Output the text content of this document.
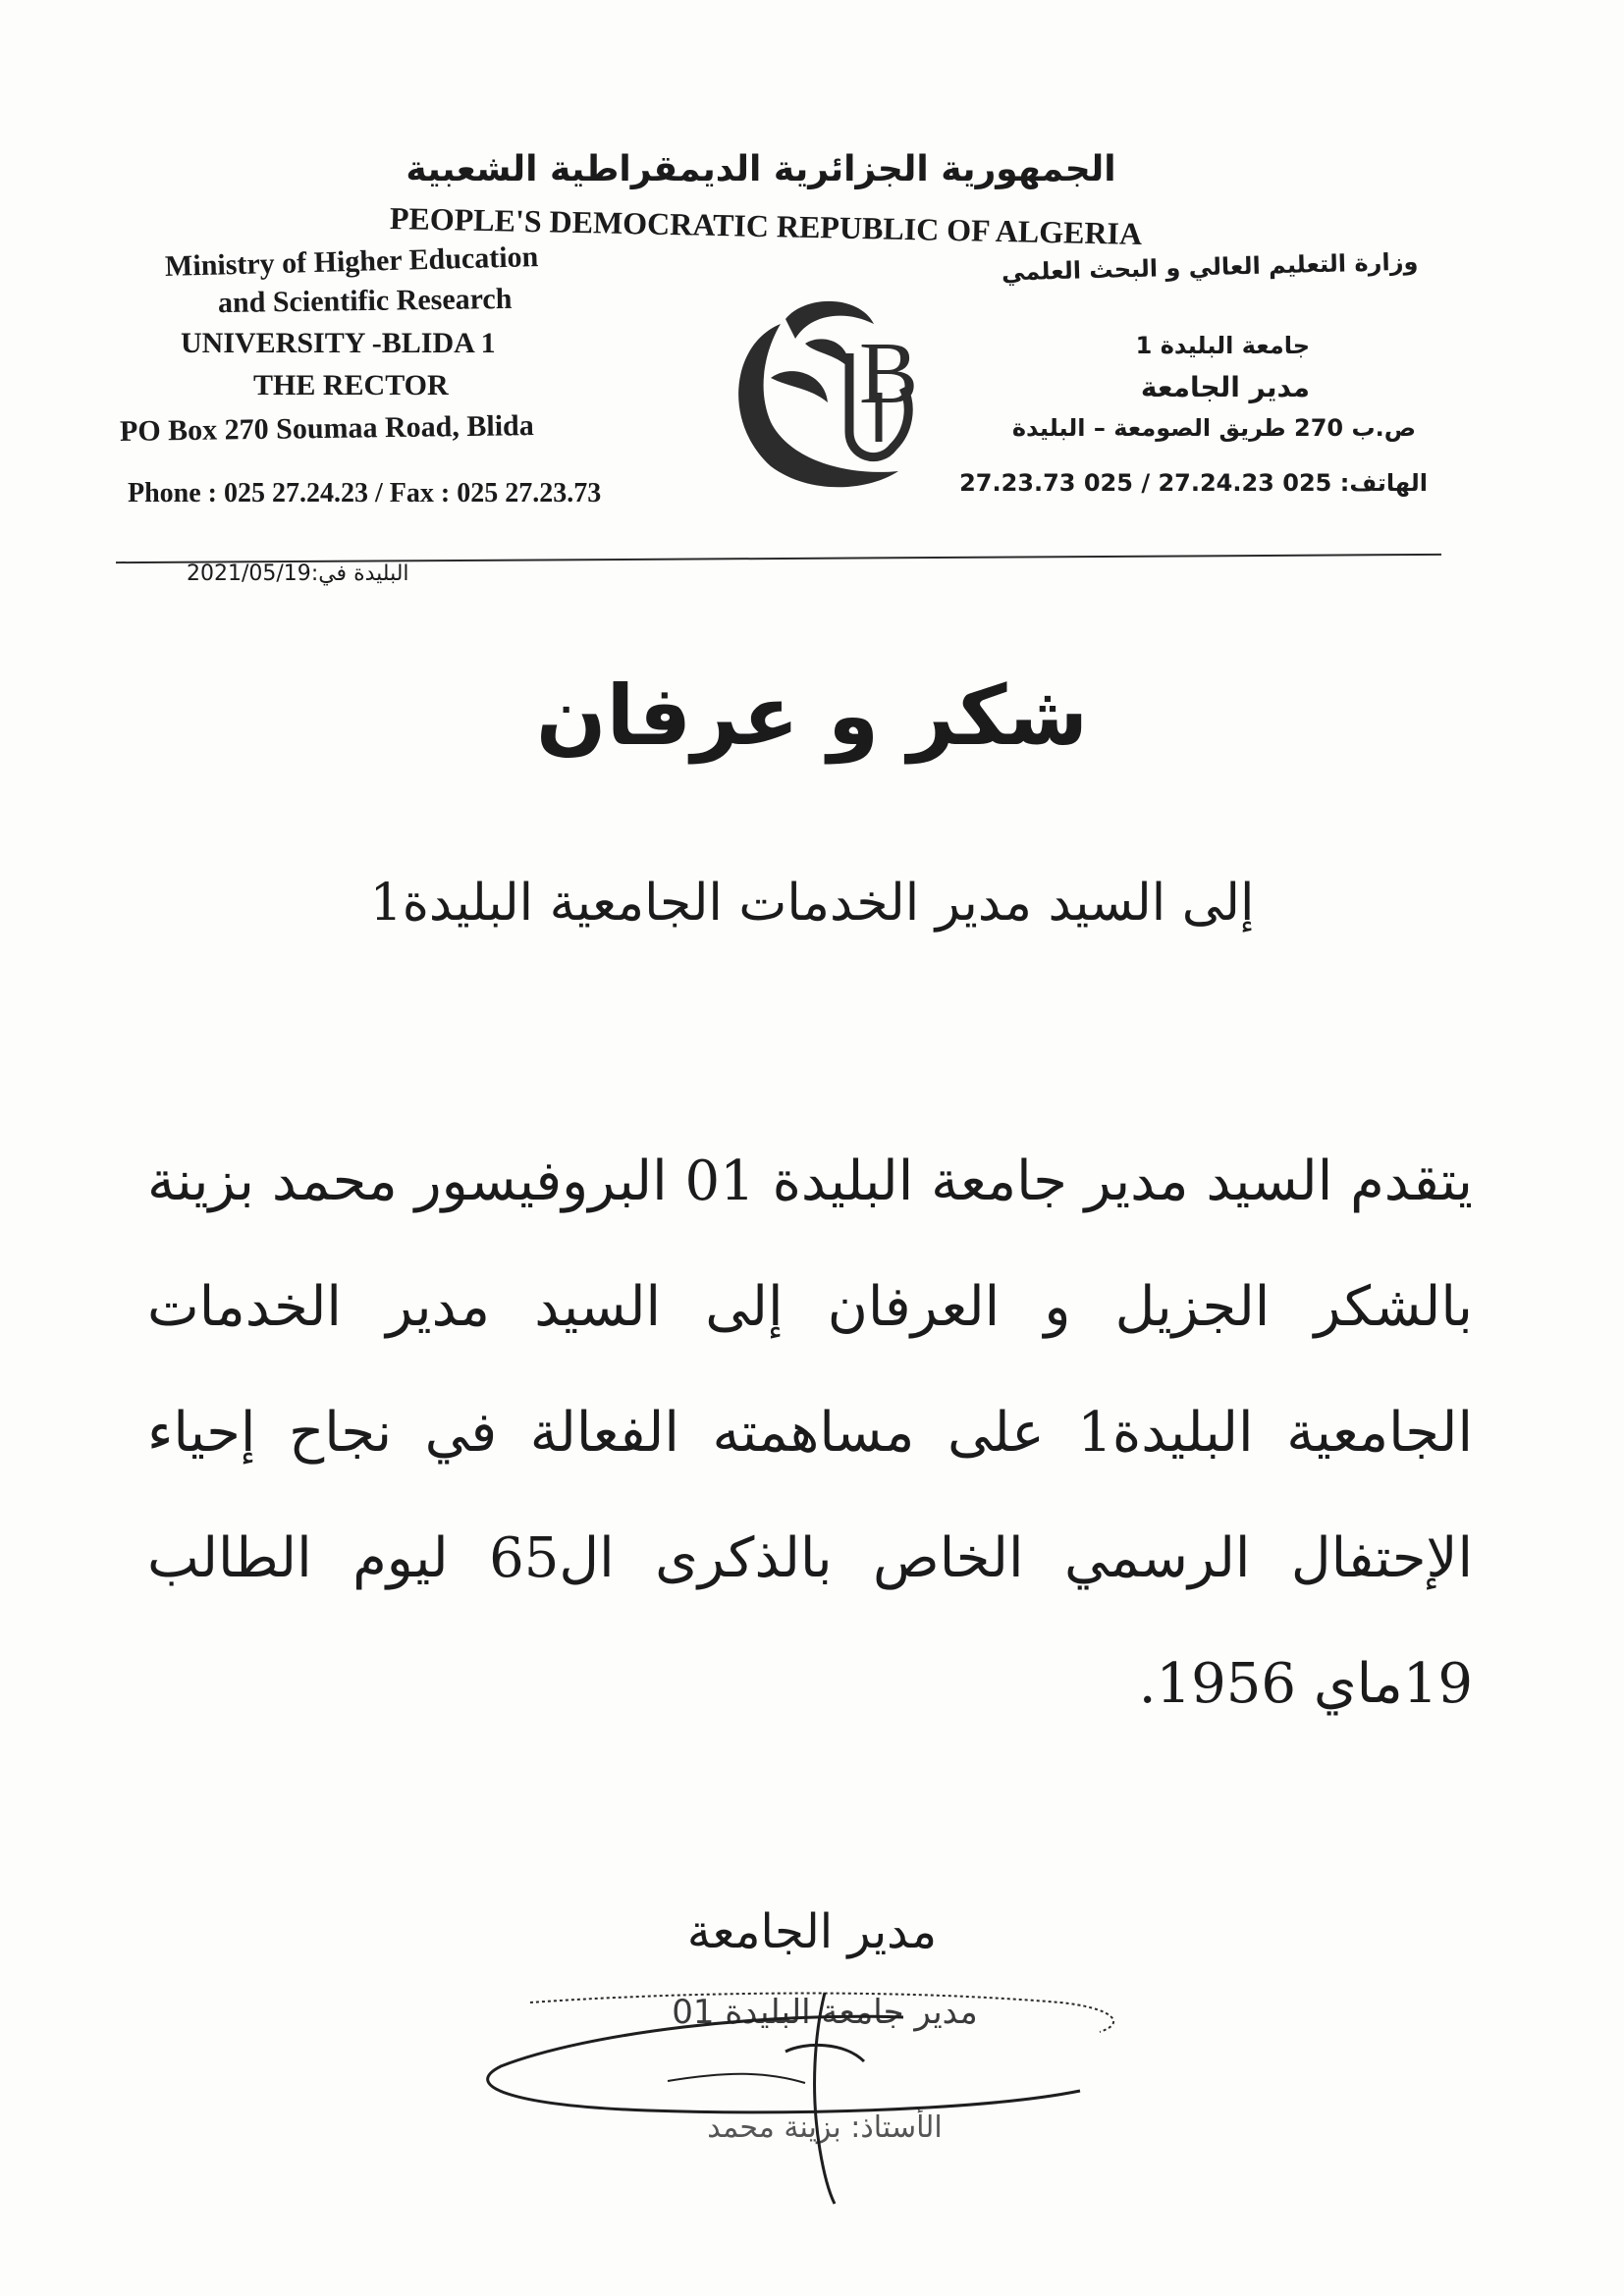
الجمهورية الجزائرية الديمقراطية الشعبية
PEOPLE'S DEMOCRATIC REPUBLIC OF ALGERIA
Ministry of Higher Education
and Scientific Research
UNIVERSITY -BLIDA 1
THE RECTOR
PO Box 270 Soumaa Road, Blida
Phone : 025 27.24.23 / Fax : 025 27.23.73
وزارة التعليم العالي و البحث العلمي
جامعة البليدة 1
مدير الجامعة
ص.ب 270 طريق الصومعة – البليدة
الهاتف: 025 27.24.23 / 025 27.23.73
B
البليدة في:2021/05/19
شكر و عرفان
إلى السيد مدير الخدمات الجامعية البليدة1
يتقدم السيد مدير جامعة البليدة 01 البروفيسور محمد بزينة بالشكر الجزيل و العرفان إلى السيد مدير الخدمات الجامعية البليدة1 على مساهمته الفعالة في نجاح إحياء الإحتفال الرسمي الخاص بالذكرى ال65 ليوم الطالب 19ماي 1956.
مدير الجامعة
مدير جامعة البليدة 01
الأستاذ: بزينة محمد
